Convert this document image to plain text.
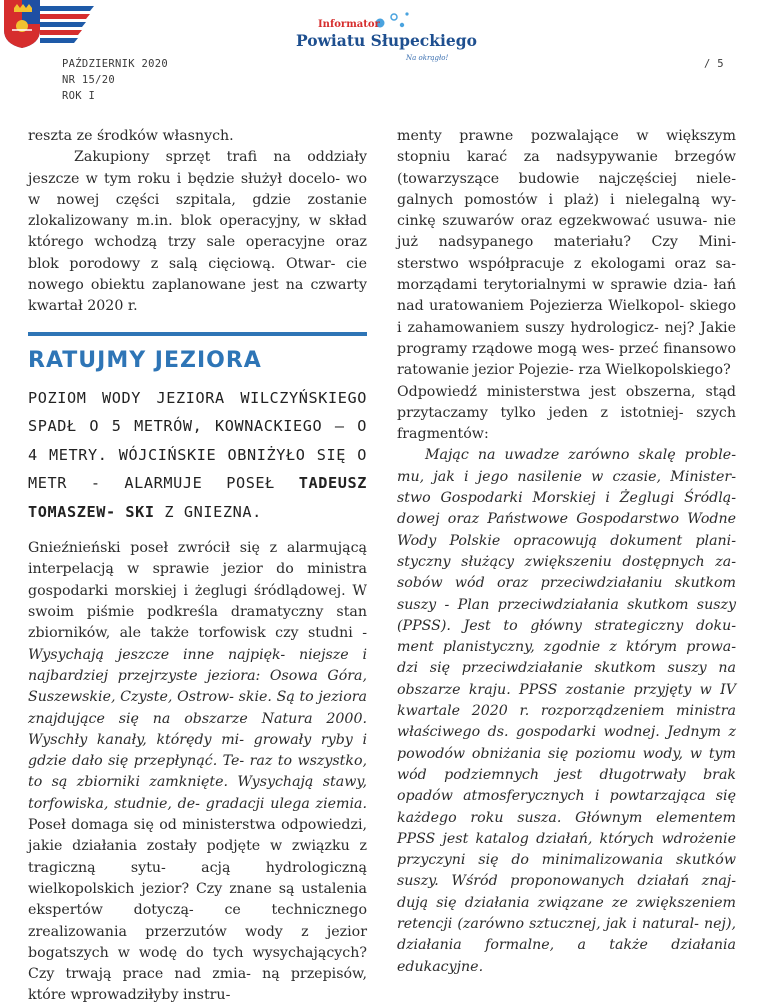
Informator
Powiatu Słupeckiego
Na okrągło!
PAŹDZIERNIK 2020
NR 15/20
ROK I
/ 5

reszta ze środków własnych.

Zakupiony sprzęt trafi na oddziały jeszcze w tym roku i będzie służył docelo- wo w nowej części szpitala, gdzie zostanie zlokalizowany m.in. blok operacyjny, w skład którego wchodzą trzy sale operacyjne oraz blok porodowy z salą cięciową. Otwar- cie nowego obiektu zaplanowane jest na czwarty kwartał 2020 r.

RATUJMY JEZIORA

POZIOM WODY JEZIORA WILCZYŃSKIEGO SPADŁ O 5 METRÓW, KOWNACKIEGO – O 4 METRY. WÓJCIŃSKIE OBNIŻYŁO SIĘ O METR - ALARMUJE POSEŁ TADEUSZ TOMASZEW- SKI Z GNIEZNA.

Gnieźnieński poseł zwrócił się z alarmującą interpelacją w sprawie jezior do ministra gospodarki morskiej i żeglugi śródlądowej. W swoim piśmie podkreśla dramatyczny stan zbiorników, ale także torfowisk czy studni - Wysychają jeszcze inne najpięk- niejsze i najbardziej przejrzyste jeziora: Osowa Góra, Suszewskie, Czyste, Ostrow- skie. Są to jeziora znajdujące się na obszarze Natura 2000. Wyschły kanały, którędy mi- growały ryby i gdzie dało się przepłynąć. Te- raz to wszystko, to są zbiorniki zamknięte. Wysychają stawy, torfowiska, studnie, de- gradacji ulega ziemia. Poseł domaga się od ministerstwa odpowiedzi, jakie działania zostały podjęte w związku z tragiczną sytu- acją hydrologiczną wielkopolskich jezior? Czy znane są ustalenia ekspertów dotyczą- ce technicznego zrealizowania przerzutów wody z jezior bogatszych w wodę do tych wysychających? Czy trwają prace nad zmia- ną przepisów, które wprowadziłyby instru-

menty prawne pozwalające w większym stopniu karać za nadsypywanie brzegów (towarzyszące budowie najczęściej niele- galnych pomostów i plaż) i nielegalną wy- cinkę szuwarów oraz egzekwować usuwa- nie już nadsypanego materiału? Czy Mini- sterstwo współpracuje z ekologami oraz sa- morządami terytorialnymi w sprawie dzia- łań nad uratowaniem Pojezierza Wielkopol- skiego i zahamowaniem suszy hydrologicz- nej? Jakie programy rządowe mogą wes- przeć finansowo ratowanie jezior Pojezie- rza Wielkopolskiego?

Odpowiedź ministerstwa jest obszerna, stąd przytaczamy tylko jeden z istotniej- szych fragmentów:

Mając na uwadze zarówno skalę proble- mu, jak i jego nasilenie w czasie, Minister- stwo Gospodarki Morskiej i Żeglugi Śródlą- dowej oraz Państwowe Gospodarstwo Wodne Wody Polskie opracowują dokument plani- styczny służący zwiększeniu dostępnych za- sobów wód oraz przeciwdziałaniu skutkom suszy - Plan przeciwdziałania skutkom suszy (PPSS). Jest to główny strategiczny doku- ment planistyczny, zgodnie z którym prowa- dzi się przeciwdziałanie skutkom suszy na obszarze kraju. PPSS zostanie przyjęty w IV kwartale 2020 r. rozporządzeniem ministra właściwego ds. gospodarki wodnej. Jednym z powodów obniżania się poziomu wody, w tym wód podziemnych jest długotrwały brak opadów atmosferycznych i powtarzająca się każdego roku susza. Głównym elementem PPSS jest katalog działań, których wdrożenie przyczyni się do minimalizowania skutków suszy. Wśród proponowanych działań znaj- dują się działania związane ze zwiększeniem retencji (zarówno sztucznej, jak i natural- nej), działania formalne, a także działania edukacyjne.
